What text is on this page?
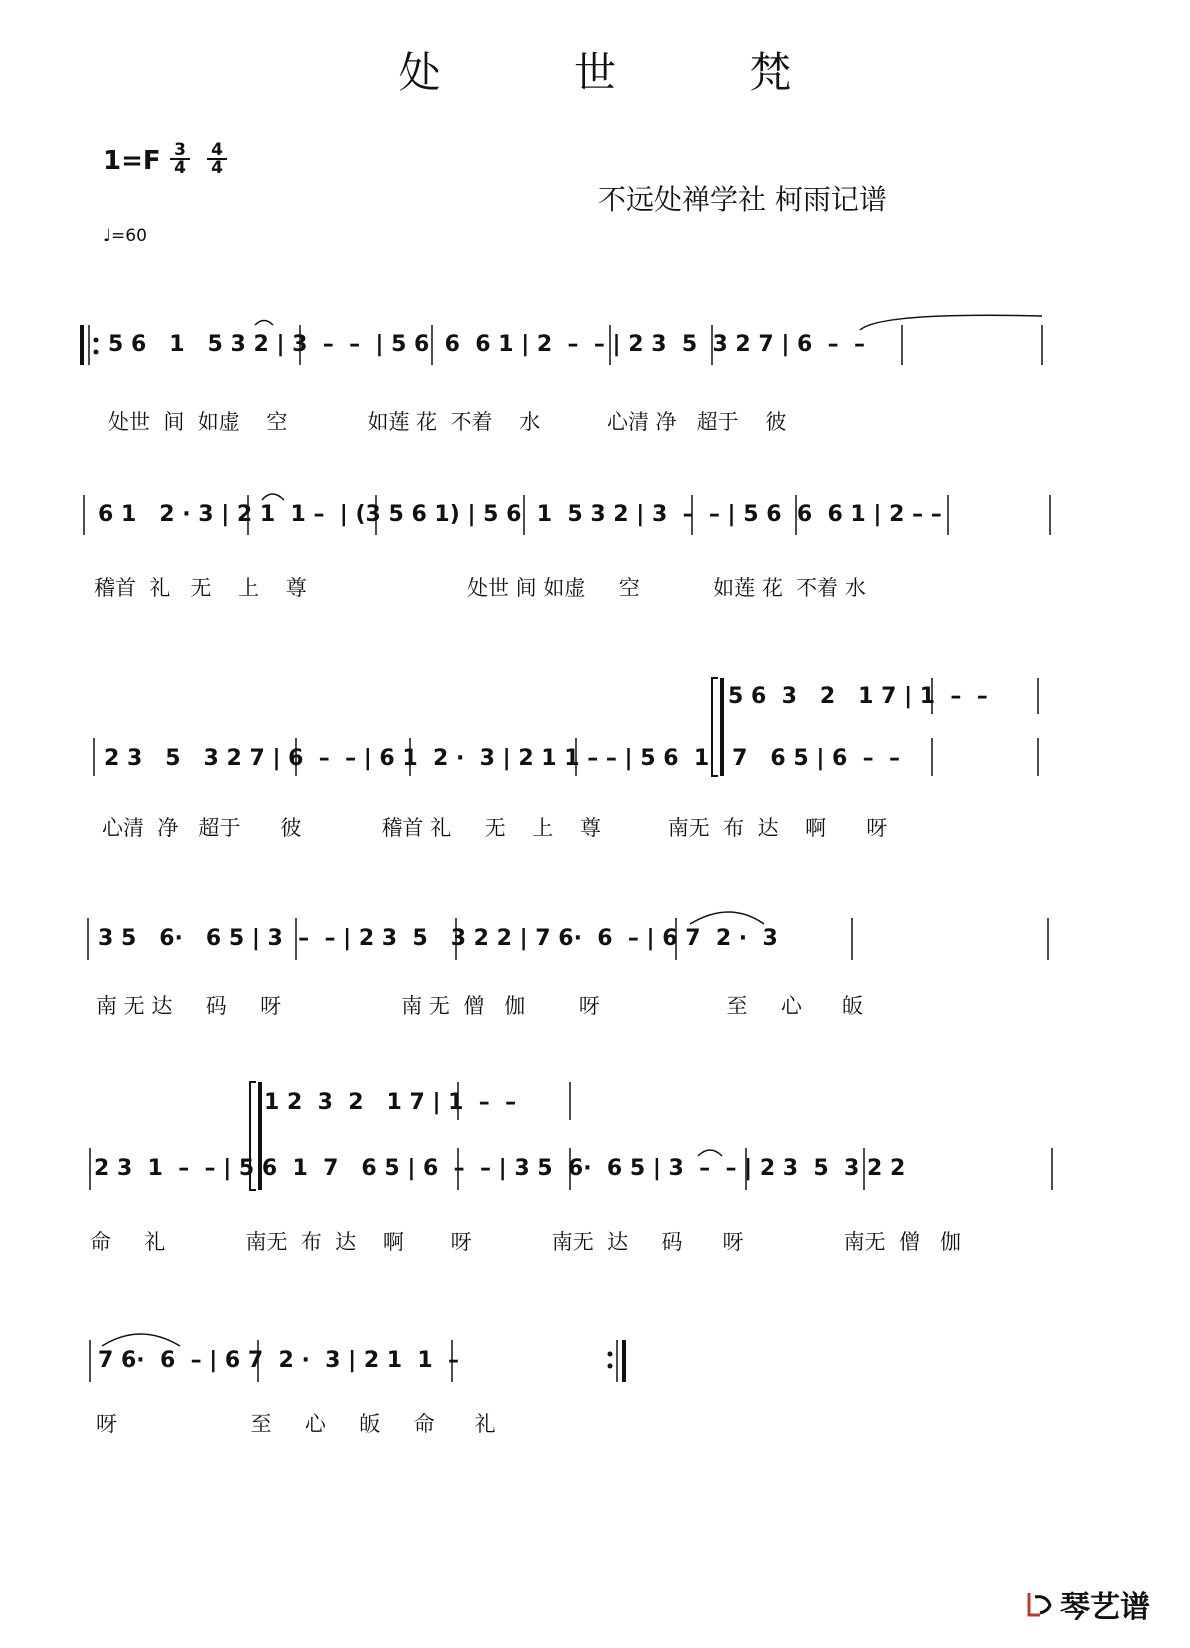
处 世 梵
$1=F \frac{3}{4} \frac{4}{4}$
不远处禅学社 柯雨记谱
♩=60
5 6   1   5 3 2 | 3  –  –  | 5 6  6  6 1 | 2  –  – | 2 3  5  3 2 7 | 6  –  –
处世  间  如虚    空            如莲 花  不着    水          心清 净   超于    彼
6 1   2 · 3 | 2 1  1 –  | (3 5 6 1) | 5 6  1  5 3 2 | 3  –  – | 5 6  6  6 1 | 2 – –
稽首  礼   无    上    尊                        处世 间 如虚     空           如莲 花  不着 水
5 6  3   2   1 7 | 1  –  –
2 3   5   3 2 7 | 6  –  – | 6 1  2 ·  3 | 2 1 1 – – | 5 6  1   7   6 5 | 6  –  –
心清  净   超于      彼            稽首 礼     无    上    尊          南无  布  达    啊      呀
3 5   6·   6 5 | 3  –  – | 2 3  5   3 2 2 | 7 6·  6  – | 6 7  2 ·  3
南 无 达     码     呀                  南 无  僧   伽        呀                   至     心      皈
1 2  3  2   1 7 | 1  –  –
2 3  1  –  – | 5 6  1  7   6 5 | 6  –  – | 3 5  6·  6 5 | 3  –  – | 2 3  5  3 2 2
命     礼            南无  布  达    啊       呀            南无  达     码      呀               南无  僧   伽
7 6·  6  – | 6 7  2 ·  3 | 2 1  1  –
呀                    至     心     皈     命      礼
琴艺谱
